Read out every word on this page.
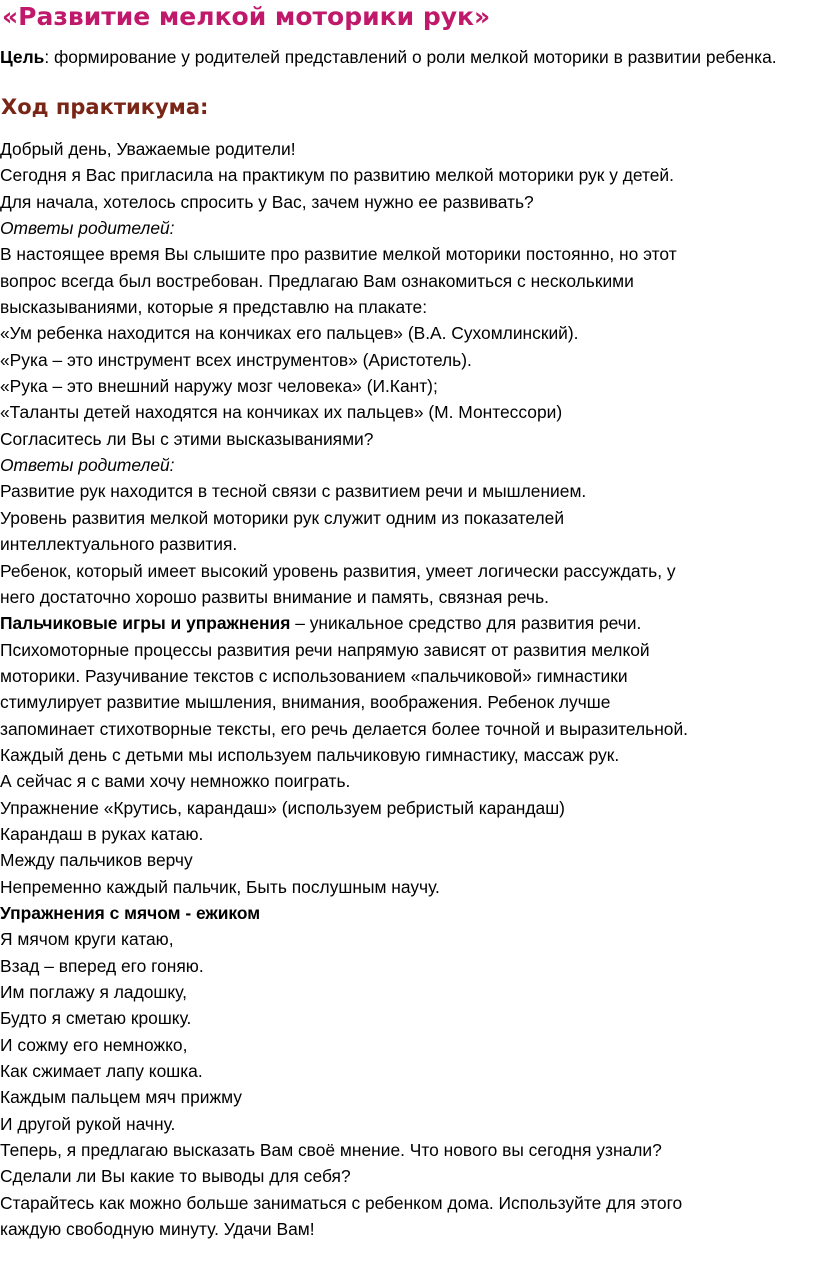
«Развитие мелкой моторики рук»

Цель: формирование у родителей представлений о роли мелкой моторики в развитии ребенка.

Ход практикума:
Добрый день, Уважаемые родители!
Сегодня я Вас пригласила на практикум по развитию мелкой моторики рук у детей.
Для начала, хотелось спросить у Вас, зачем нужно ее развивать?
Ответы родителей:
В настоящее время Вы слышите про развитие мелкой моторики постоянно, но этот
вопрос всегда был востребован. Предлагаю Вам ознакомиться с несколькими
высказываниями, которые я представлю на плакате:
«Ум ребенка находится на кончиках его пальцев» (В.А. Сухомлинский).
«Рука – это инструмент всех инструментов» (Аристотель).
«Рука – это внешний наружу мозг человека» (И.Кант);
«Таланты детей находятся на кончиках их пальцев» (М. Монтессори)
Согласитесь ли Вы с этими высказываниями?
Ответы родителей:
Развитие рук находится в тесной связи с развитием речи и мышлением.
Уровень развития мелкой моторики рук служит одним из показателей
интеллектуального развития.
Ребенок, который имеет высокий уровень развития, умеет логически рассуждать, у
него достаточно хорошо развиты внимание и память, связная речь.
Пальчиковые игры и упражнения – уникальное средство для развития речи.
Психомоторные процессы развития речи напрямую зависят от развития мелкой
моторики. Разучивание текстов с использованием «пальчиковой» гимнастики
стимулирует развитие мышления, внимания, воображения. Ребенок лучше
запоминает стихотворные тексты, его речь делается более точной и выразительной.
Каждый день с детьми мы используем пальчиковую гимнастику, массаж рук.
А сейчас я с вами хочу немножко поиграть.
Упражнение «Крутись, карандаш» (используем ребристый карандаш)
Карандаш в руках катаю.
Между пальчиков верчу
Непременно каждый пальчик, Быть послушным научу.
Упражнения с мячом - ежиком
Я мячом круги катаю,
Взад – вперед его гоняю.
Им поглажу я ладошку,
Будто я сметаю крошку.
И сожму его немножко,
Как сжимает лапу кошка.
Каждым пальцем мяч прижму
И другой рукой начну.
Теперь, я предлагаю высказать Вам своё мнение. Что нового вы сегодня узнали?
Сделали ли Вы какие то выводы для себя?
Старайтесь как можно больше заниматься с ребенком дома. Используйте для этого
каждую свободную минуту. Удачи Вам!
